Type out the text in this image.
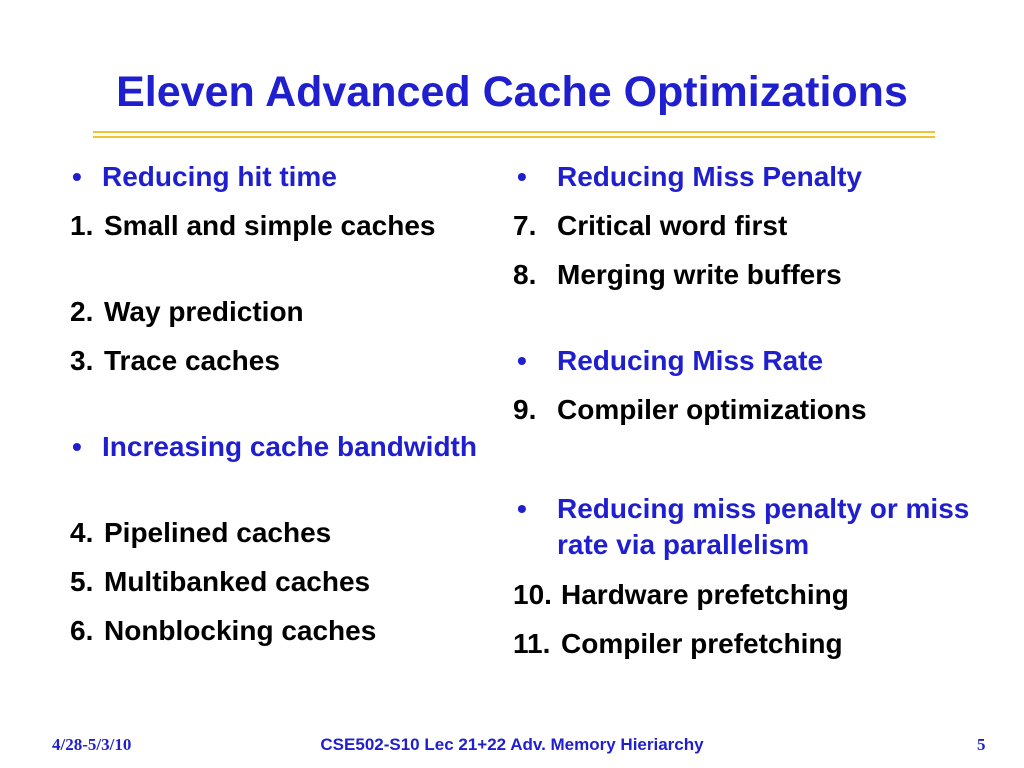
Eleven Advanced Cache Optimizations
• Reducing hit time
1. Small and simple caches
2. Way prediction
3. Trace caches
• Increasing cache bandwidth
4. Pipelined caches
5. Multibanked caches
6. Nonblocking caches
•	Reducing Miss Penalty
7. Critical word first
8. Merging write buffers
•	Reducing Miss Rate
9. Compiler optimizations
•	Reducing miss penalty or miss rate via parallelism
10. Hardware prefetching
11. Compiler prefetching
4/28-5/3/10	CSE502-S10 Lec 21+22 Adv. Memory Hieriarchy	5
